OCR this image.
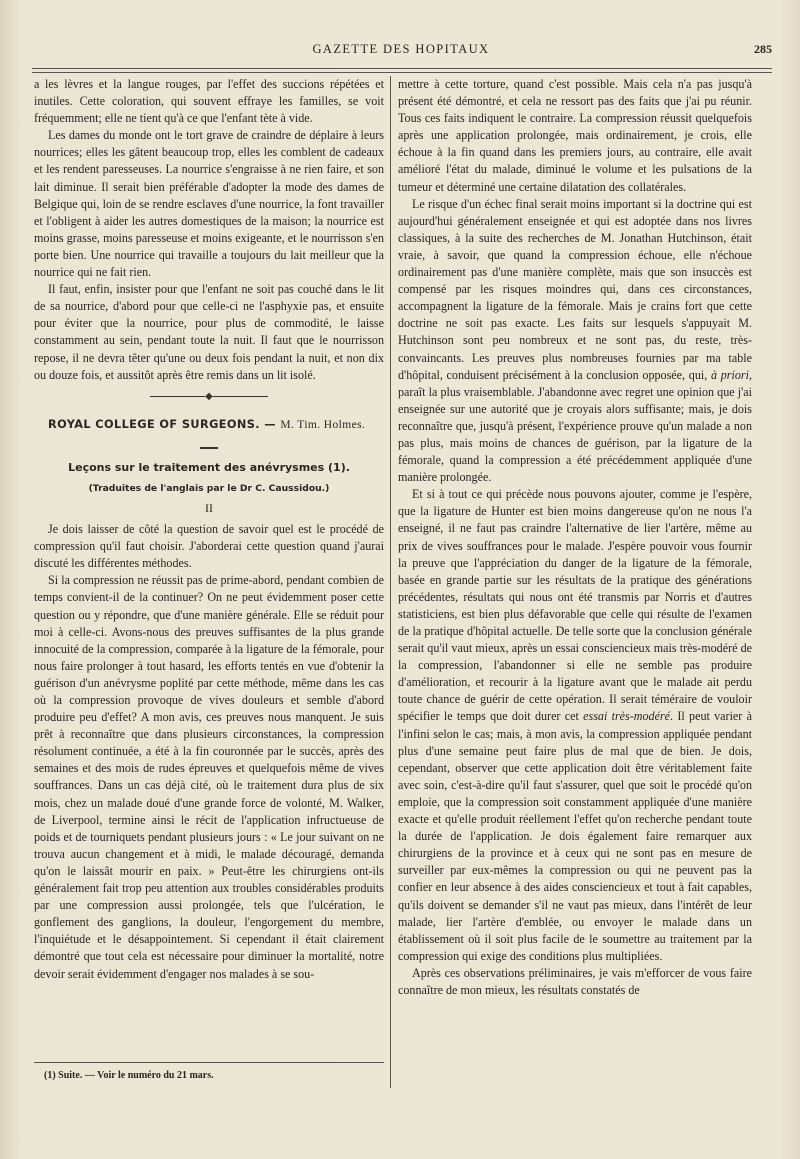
GAZETTE DES HOPITAUX	285

a les lèvres et la langue rouges, par l'effet des succions répétées et inutiles. Cette coloration, qui souvent effraye les familles, se voit fréquemment; elle ne tient qu'à ce que l'enfant tète à vide.

Les dames du monde ont le tort grave de craindre de déplaire à leurs nourrices; elles les gâtent beaucoup trop, elles les comblent de cadeaux et les rendent paresseuses. La nourrice s'engraisse à ne rien faire, et son lait diminue. Il serait bien préférable d'adopter la mode des dames de Belgique qui, loin de se rendre esclaves d'une nourrice, la font travailler et l'obligent à aider les autres domestiques de la maison; la nourrice est moins grasse, moins paresseuse et moins exigeante, et le nourrisson s'en porte bien. Une nourrice qui travaille a toujours du lait meilleur que la nourrice qui ne fait rien.

Il faut, enfin, insister pour que l'enfant ne soit pas couché dans le lit de sa nourrice, d'abord pour que celle-ci ne l'asphyxie pas, et ensuite pour éviter que la nourrice, pour plus de commodité, le laisse constamment au sein, pendant toute la nuit. Il faut que le nourrisson repose, il ne devra têter qu'une ou deux fois pendant la nuit, et non dix ou douze fois, et aussitôt après être remis dans un lit isolé.

◆

ROYAL COLLEGE OF SURGEONS. — M. Tim. Holmes.

Leçons sur le traitement des anévrysmes (1).
(Traduites de l'anglais par le Dr C. Caussidou.)
II

Je dois laisser de côté la question de savoir quel est le procédé de compression qu'il faut choisir. J'aborderai cette question quand j'aurai discuté les différentes méthodes.

Si la compression ne réussit pas de prime-abord, pendant combien de temps convient-il de la continuer? On ne peut évidemment poser cette question ou y répondre, que d'une manière générale. Elle se réduit pour moi à celle-ci. Avons-nous des preuves suffisantes de la plus grande innocuité de la compression, comparée à la ligature de la fémorale, pour nous faire prolonger à tout hasard, les efforts tentés en vue d'obtenir la guérison d'un anévrysme poplité par cette méthode, même dans les cas où la compression provoque de vives douleurs et semble d'abord produire peu d'effet? A mon avis, ces preuves nous manquent. Je suis prêt à reconnaître que dans plusieurs circonstances, la compression résolument continuée, a été à la fin couronnée par le succès, après des semaines et des mois de rudes épreuves et quelquefois même de vives souffrances. Dans un cas déjà cité, où le traitement dura plus de six mois, chez un malade doué d'une grande force de volonté, M. Walker, de Liverpool, termine ainsi le récit de l'application infructueuse de poids et de tourniquets pendant plusieurs jours : « Le jour suivant on ne trouva aucun changement et à midi, le malade découragé, demanda qu'on le laissât mourir en paix. » Peut-être les chirurgiens ont-ils généralement fait trop peu attention aux troubles considérables produits par une compression aussi prolongée, tels que l'ulcération, le gonflement des ganglions, la douleur, l'engorgement du membre, l'inquiétude et le désappointement. Si cependant il était clairement démontré que tout cela est nécessaire pour diminuer la mortalité, notre devoir serait évidemment d'engager nos malades à se sou-

mettre à cette torture, quand c'est possible. Mais cela n'a pas jusqu'à présent été démontré, et cela ne ressort pas des faits que j'ai pu réunir. Tous ces faits indiquent le contraire. La compression réussit quelquefois après une application prolongée, mais ordinairement, je crois, elle échoue à la fin quand dans les premiers jours, au contraire, elle avait amélioré l'état du malade, diminué le volume et les pulsations de la tumeur et déterminé une certaine dilatation des collatérales.

Le risque d'un échec final serait moins important si la doctrine qui est aujourd'hui généralement enseignée et qui est adoptée dans nos livres classiques, à la suite des recherches de M. Jonathan Hutchinson, était vraie, à savoir, que quand la compression échoue, elle n'échoue ordinairement pas d'une manière complète, mais que son insuccès est compensé par les risques moindres qui, dans ces circonstances, accompagnent la ligature de la fémorale. Mais je crains fort que cette doctrine ne soit pas exacte. Les faits sur lesquels s'appuyait M. Hutchinson sont peu nombreux et ne sont pas, du reste, très-convaincants. Les preuves plus nombreuses fournies par ma table d'hôpital, conduisent précisément à la conclusion opposée, qui, à priori, paraît la plus vraisemblable. J'abandonne avec regret une opinion que j'ai enseignée sur une autorité que je croyais alors suffisante; mais, je dois reconnaître que, jusqu'à présent, l'expérience prouve qu'un malade a non pas plus, mais moins de chances de guérison, par la ligature de la fémorale, quand la compression a été précédemment appliquée d'une manière prolongée.

Et si à tout ce qui précède nous pouvons ajouter, comme je l'espère, que la ligature de Hunter est bien moins dangereuse qu'on ne nous l'a enseigné, il ne faut pas craindre l'alternative de lier l'artère, même au prix de vives souffrances pour le malade. J'espère pouvoir vous fournir la preuve que l'appréciation du danger de la ligature de la fémorale, basée en grande partie sur les résultats de la pratique des générations précédentes, résultats qui nous ont été transmis par Norris et d'autres statisticiens, est bien plus défavorable que celle qui résulte de l'examen de la pratique d'hôpital actuelle. De telle sorte que la conclusion générale serait qu'il vaut mieux, après un essai consciencieux mais très-modéré de la compression, l'abandonner si elle ne semble pas produire d'amélioration, et recourir à la ligature avant que le malade ait perdu toute chance de guérir de cette opération. Il serait téméraire de vouloir spécifier le temps que doit durer cet essai très-modéré. Il peut varier à l'infini selon le cas; mais, à mon avis, la compression appliquée pendant plus d'une semaine peut faire plus de mal que de bien. Je dois, cependant, observer que cette application doit être véritablement faite avec soin, c'est-à-dire qu'il faut s'assurer, quel que soit le procédé qu'on emploie, que la compression soit constamment appliquée d'une manière exacte et qu'elle produit réellement l'effet qu'on recherche pendant toute la durée de l'application. Je dois également faire remarquer aux chirurgiens de la province et à ceux qui ne sont pas en mesure de surveiller par eux-mêmes la compression ou qui ne peuvent pas la confier en leur absence à des aides consciencieux et tout à fait capables, qu'ils doivent se demander s'il ne vaut pas mieux, dans l'intérêt de leur malade, lier l'artère d'emblée, ou envoyer le malade dans un établissement où il soit plus facile de le soumettre au traitement par la compression qui exige des conditions plus multipliées.

Après ces observations préliminaires, je vais m'efforcer de vous faire connaître de mon mieux, les résultats constatés de

(1) Suite. — Voir le numéro du 21 mars.
